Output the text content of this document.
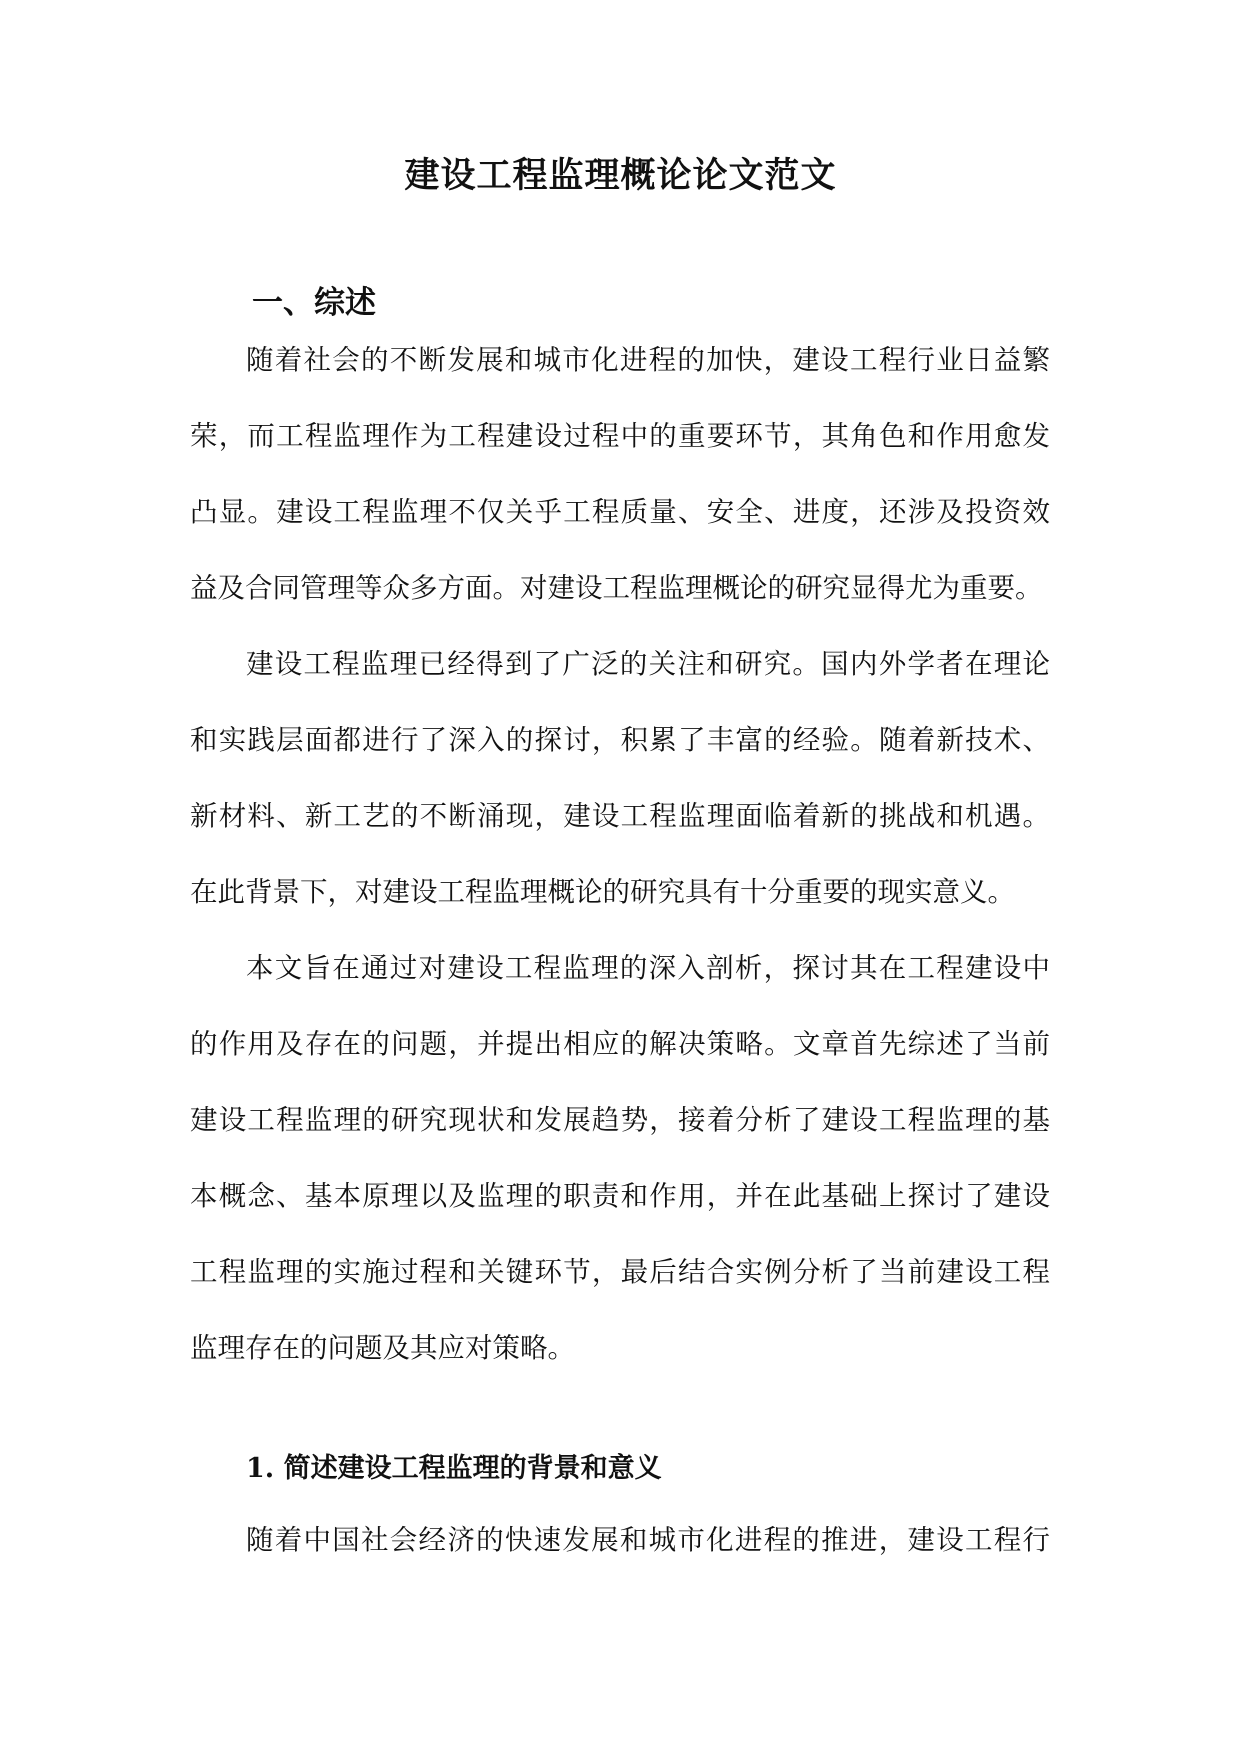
建设工程监理概论论文范文
一、综述
随着社会的不断发展和城市化进程的加快，建设工程行业日益繁
荣，而工程监理作为工程建设过程中的重要环节，其角色和作用愈发
凸显。建设工程监理不仅关乎工程质量、安全、进度，还涉及投资效
益及合同管理等众多方面。对建设工程监理概论的研究显得尤为重要。
建设工程监理已经得到了广泛的关注和研究。国内外学者在理论
和实践层面都进行了深入的探讨，积累了丰富的经验。随着新技术、
新材料、新工艺的不断涌现，建设工程监理面临着新的挑战和机遇。
在此背景下，对建设工程监理概论的研究具有十分重要的现实意义。
本文旨在通过对建设工程监理的深入剖析，探讨其在工程建设中
的作用及存在的问题，并提出相应的解决策略。文章首先综述了当前
建设工程监理的研究现状和发展趋势，接着分析了建设工程监理的基
本概念、基本原理以及监理的职责和作用，并在此基础上探讨了建设
工程监理的实施过程和关键环节，最后结合实例分析了当前建设工程
监理存在的问题及其应对策略。
1. 简述建设工程监理的背景和意义
随着中国社会经济的快速发展和城市化进程的推进，建设工程行
